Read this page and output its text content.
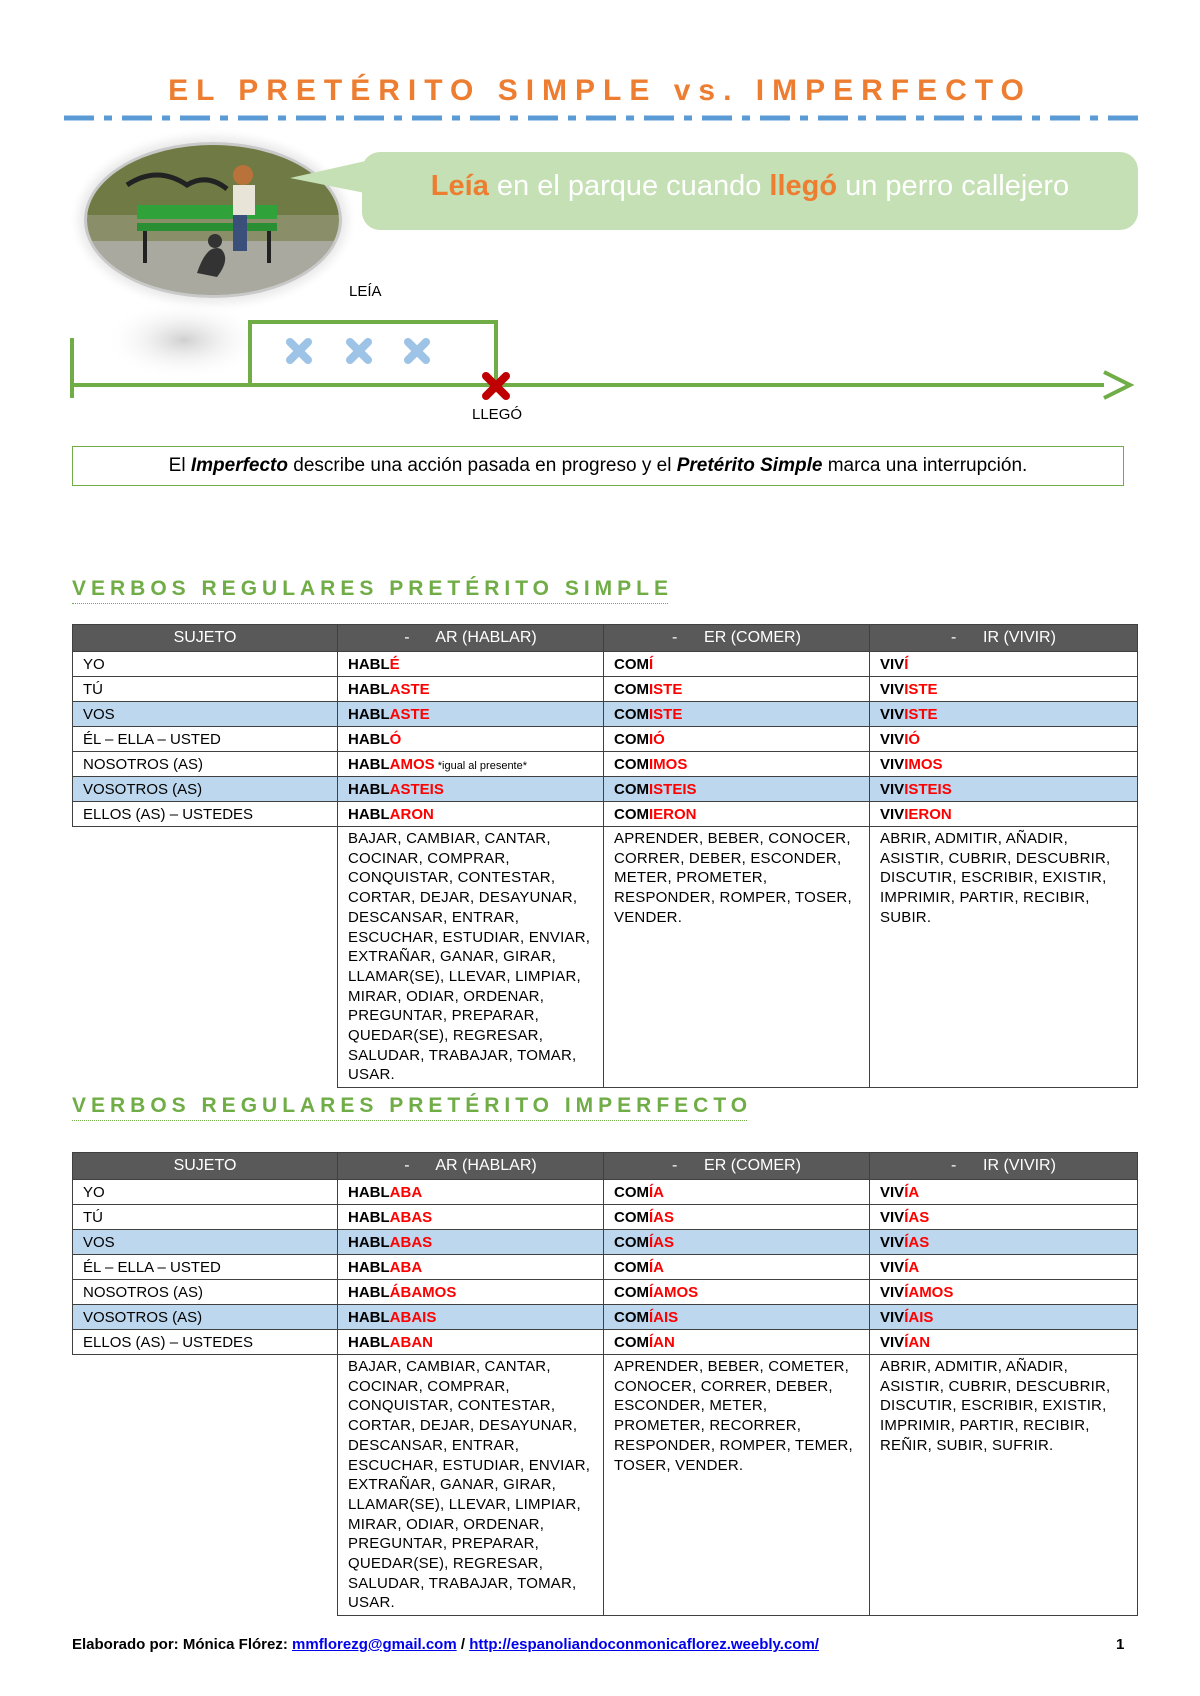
EL PRETÉRITO SIMPLE vs. IMPERFECTO
Leía en el parque cuando llegó un perro callejero
LEÍA
LLEGÓ
El Imperfecto describe una acción pasada en progreso y el Pretérito Simple marca una interrupción.
VERBOS REGULARES PRETÉRITO SIMPLE
SUJETO	-      AR (HABLAR)	-      ER (COMER)	-      IR (VIVIR)
YO	HABLÉ	COMÍ	VIVÍ
TÚ	HABLASTE	COMISTE	VIVISTE
VOS	HABLASTE	COMISTE	VIVISTE
ÉL – ELLA – USTED	HABLÓ	COMIÓ	VIVIÓ
NOSOTROS (AS)	HABLAMOS *igual al presente*	COMIMOS	VIVIMOS
VOSOTROS (AS)	HABLASTEIS	COMISTEIS	VIVISTEIS
ELLOS (AS) – USTEDES	HABLARON	COMIERON	VIVIERON
	BAJAR, CAMBIAR, CANTAR, COCINAR, COMPRAR, CONQUISTAR, CONTESTAR, CORTAR, DEJAR, DESAYUNAR, DESCANSAR, ENTRAR, ESCUCHAR, ESTUDIAR, ENVIAR, EXTRAÑAR, GANAR, GIRAR, LLAMAR(SE), LLEVAR, LIMPIAR, MIRAR, ODIAR, ORDENAR, PREGUNTAR, PREPARAR, QUEDAR(SE), REGRESAR, SALUDAR, TRABAJAR, TOMAR, USAR.	APRENDER, BEBER, CONOCER, CORRER, DEBER, ESCONDER, METER, PROMETER, RESPONDER, ROMPER, TOSER, VENDER.	ABRIR, ADMITIR, AÑADIR, ASISTIR, CUBRIR, DESCUBRIR, DISCUTIR, ESCRIBIR, EXISTIR, IMPRIMIR, PARTIR, RECIBIR, SUBIR.
VERBOS REGULARES PRETÉRITO IMPERFECTO
SUJETO	-      AR (HABLAR)	-      ER (COMER)	-      IR (VIVIR)
YO	HABLABA	COMÍA	VIVÍA
TÚ	HABLABAS	COMÍAS	VIVÍAS
VOS	HABLABAS	COMÍAS	VIVÍAS
ÉL – ELLA – USTED	HABLABA	COMÍA	VIVÍA
NOSOTROS (AS)	HABLÁBAMOS	COMÍAMOS	VIVÍAMOS
VOSOTROS (AS)	HABLABAIS	COMÍAIS	VIVÍAIS
ELLOS (AS) – USTEDES	HABLABAN	COMÍAN	VIVÍAN
	BAJAR, CAMBIAR, CANTAR, COCINAR, COMPRAR, CONQUISTAR, CONTESTAR, CORTAR, DEJAR, DESAYUNAR, DESCANSAR, ENTRAR, ESCUCHAR, ESTUDIAR, ENVIAR, EXTRAÑAR, GANAR, GIRAR, LLAMAR(SE), LLEVAR, LIMPIAR, MIRAR, ODIAR, ORDENAR, PREGUNTAR, PREPARAR, QUEDAR(SE), REGRESAR, SALUDAR, TRABAJAR, TOMAR, USAR.	APRENDER, BEBER, COMETER, CONOCER, CORRER, DEBER, ESCONDER, METER, PROMETER, RECORRER, RESPONDER, ROMPER, TEMER, TOSER, VENDER.	ABRIR, ADMITIR, AÑADIR, ASISTIR, CUBRIR, DESCUBRIR, DISCUTIR, ESCRIBIR, EXISTIR, IMPRIMIR, PARTIR, RECIBIR, REÑIR, SUBIR, SUFRIR.
Elaborado por: Mónica Flórez: mmflorezg@gmail.com / http://espanoliandoconmonicaflorez.weebly.com/	1
